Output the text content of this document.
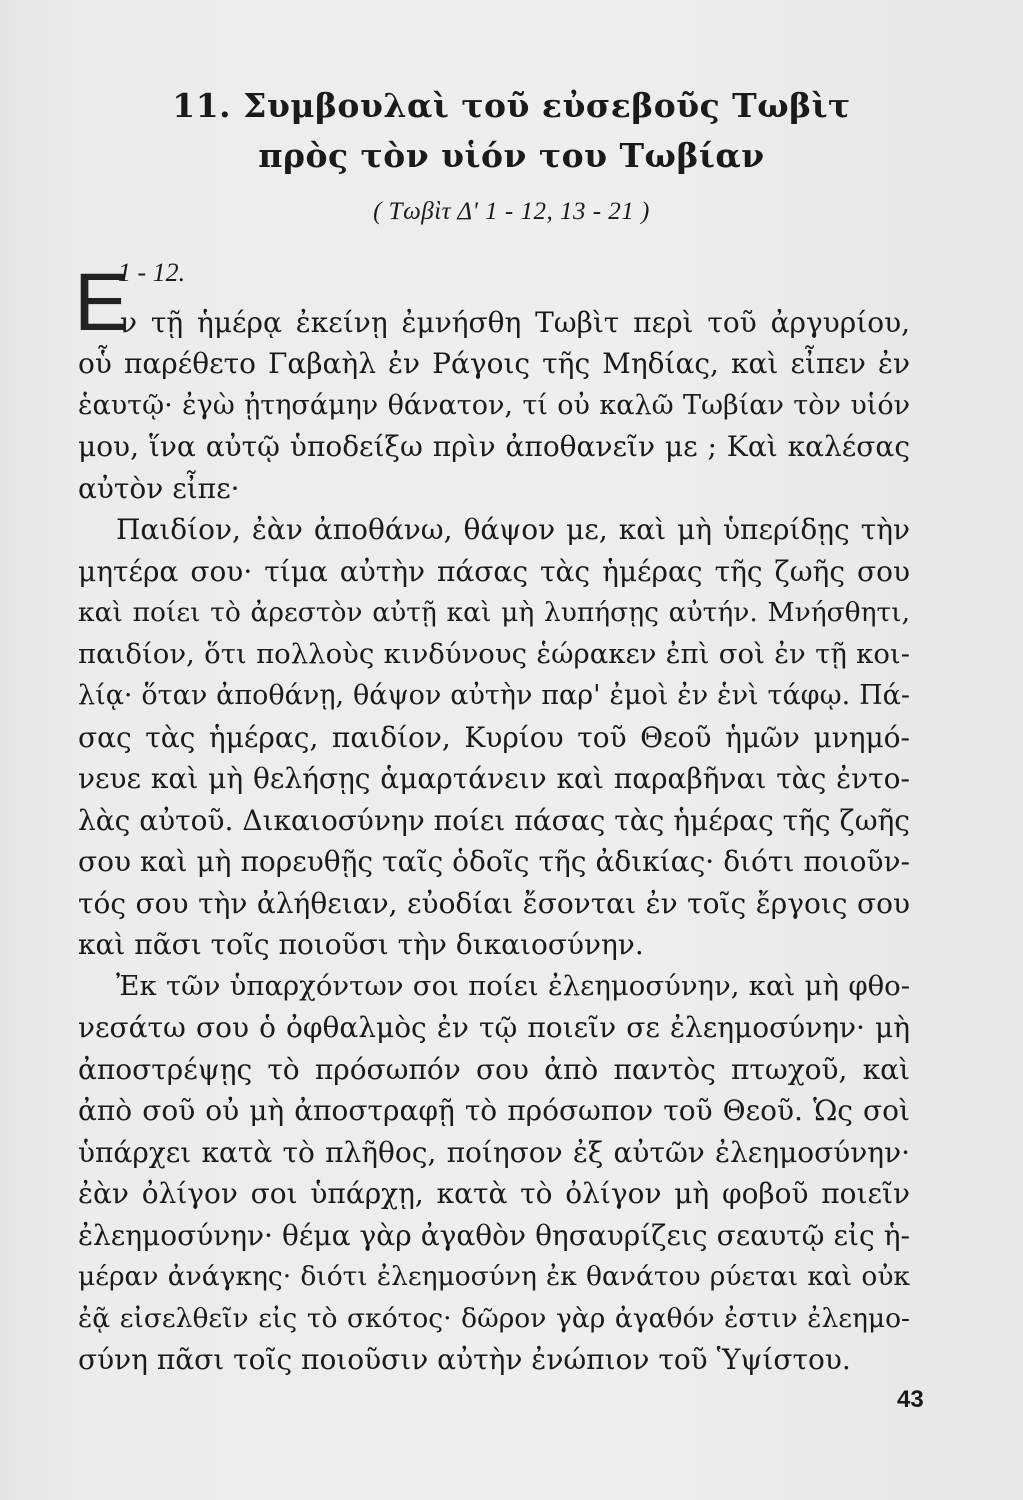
11. Συμβουλαὶ τοῦ εὐσεβοῦς Τωβὶτ
πρὸς τὸν υἱόν του Τωβίαν
( Τωβὶτ Δ' 1 - 12, 13 - 21 )
Ε
1 - 12.
ν τῇ ἡμέρᾳ ἐκείνῃ ἐμνήσθη Τωβὶτ περὶ τοῦ ἀργυρίου,
οὗ παρέθετο Γαβαὴλ ἐν Ράγοις τῆς Μηδίας, καὶ εἶπεν ἐν
ἑαυτῷ· ἐγὼ ᾐτησάμην θάνατον, τί οὐ καλῶ Τωβίαν τὸν υἱόν
μου, ἵνα αὐτῷ ὑποδείξω πρὶν ἀποθανεῖν με ; Καὶ καλέσας
αὐτὸν εἶπε·
Παιδίον, ἐὰν ἀποθάνω, θάψον με, καὶ μὴ ὑπερίδῃς τὴν
μητέρα σου· τίμα αὐτὴν πάσας τὰς ἡμέρας τῆς ζωῆς σου
καὶ ποίει τὸ ἀρεστὸν αὐτῇ καὶ μὴ λυπήσῃς αὐτήν. Μνήσθητι,
παιδίον, ὅτι πολλοὺς κινδύνους ἑώρακεν ἐπὶ σοὶ ἐν τῇ κοι-
λίᾳ· ὅταν ἀποθάνῃ, θάψον αὐτὴν παρ' ἐμοὶ ἐν ἑνὶ τάφῳ. Πά-
σας τὰς ἡμέρας, παιδίον, Κυρίου τοῦ Θεοῦ ἡμῶν μνημό-
νευε καὶ μὴ θελήσῃς ἁμαρτάνειν καὶ παραβῆναι τὰς ἐντο-
λὰς αὐτοῦ. Δικαιοσύνην ποίει πάσας τὰς ἡμέρας τῆς ζωῆς
σου καὶ μὴ πορευθῇς ταῖς ὁδοῖς τῆς ἀδικίας· διότι ποιοῦν-
τός σου τὴν ἀλήθειαν, εὐοδίαι ἔσονται ἐν τοῖς ἔργοις σου
καὶ πᾶσι τοῖς ποιοῦσι τὴν δικαιοσύνην.
Ἐκ τῶν ὑπαρχόντων σοι ποίει ἐλεημοσύνην, καὶ μὴ φθο-
νεσάτω σου ὁ ὀφθαλμὸς ἐν τῷ ποιεῖν σε ἐλεημοσύνην· μὴ
ἀποστρέψῃς τὸ πρόσωπόν σου ἀπὸ παντὸς πτωχοῦ, καὶ
ἀπὸ σοῦ οὐ μὴ ἀποστραφῇ τὸ πρόσωπον τοῦ Θεοῦ. Ὡς σοὶ
ὑπάρχει κατὰ τὸ πλῆθος, ποίησον ἐξ αὐτῶν ἐλεημοσύνην·
ἐὰν ὀλίγον σοι ὑπάρχῃ, κατὰ τὸ ὀλίγον μὴ φοβοῦ ποιεῖν
ἐλεημοσύνην· θέμα γὰρ ἀγαθὸν θησαυρίζεις σεαυτῷ εἰς ἡ-
μέραν ἀνάγκης· διότι ἐλεημοσύνη ἐκ θανάτου ρύεται καὶ οὐκ
ἐᾷ εἰσελθεῖν εἰς τὸ σκότος· δῶρον γὰρ ἀγαθόν ἐστιν ἐλεημο-
σύνη πᾶσι τοῖς ποιοῦσιν αὐτὴν ἐνώπιον τοῦ Ὑψίστου.
43
